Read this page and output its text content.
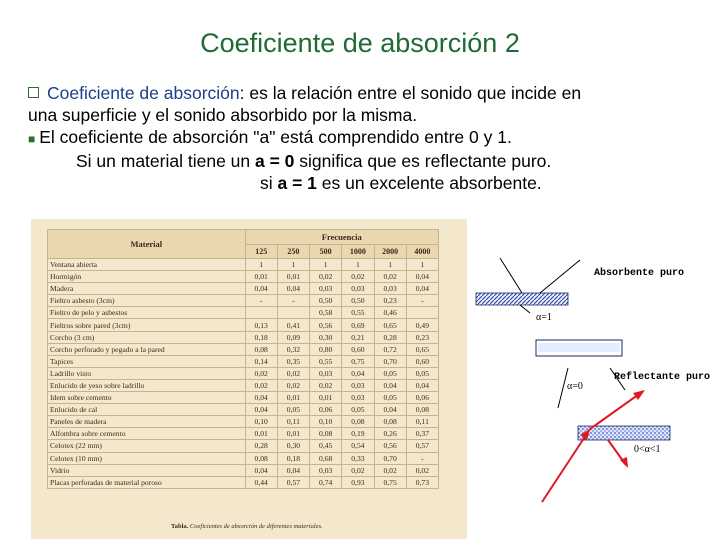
Coeficiente de absorción 2
Coeficiente de absorción: es la relación entre el sonido que incide en
una superficie y el sonido absorbido por la misma.
■ El coeficiente de absorción "a" está comprendido entre 0 y 1.
Si un material tiene un a = 0 significa que es reflectante puro.
si a = 1 es un excelente absorbente.
Material	Frecuencia					
	125	250	500	1000	2000	4000
Ventana abierta	1	1	1	1	1	1
Hormigón	0,01	0,01	0,02	0,02	0,02	0,04
Madera	0,04	0,04	0,03	0,03	0,03	0,04
Fieltro asbesto (3cm)	-	-	0,50	0,50	0,23	-
Fieltro de pelo y asbestos			0,58	0,55	0,46	
Fieltros sobre pared (3cm)	0,13	0,41	0,56	0,69	0,65	0,49
Corcho (3 cm)	0,18	0,09	0,30	0,21	0,28	0,23
Corcho perforado y pegado a la pared	0,08	0,32	0,80	0,60	0,72	0,65
Tapices	0,14	0,35	0,55	0,75	0,70	0,60
Ladrillo visto	0,02	0,02	0,03	0,04	0,05	0,05
Enlucido de yeso sobre ladrillo	0,02	0,02	0,02	0,03	0,04	0,04
Idem sobre cemento	0,04	0,01	0,01	0,03	0,05	0,06
Enlucido de cal	0,04	0,05	0,06	0,05	0,04	0,08
Paneles de madera	0,10	0,11	0,10	0,08	0,08	0,11
Alfombra sobre cemento	0,01	0,01	0,08	0,19	0,26	0,37
Celotex (22 mm)	0,28	0,30	0,45	0,54	0,56	0,57
Celotex (10 mm)	0,08	0,18	0,68	0,33	0,70	-
Vidrio	0,04	0,04	0,03	0,02	0,02	0,02
Placas perforadas de material poroso	0,44	0,57	0,74	0,93	0,75	0,73
Tabla. Coeficientes de absorción de diferentes materiales.
Absorbente puro
α=1
Reflectante puro
α=0
0<α<1
